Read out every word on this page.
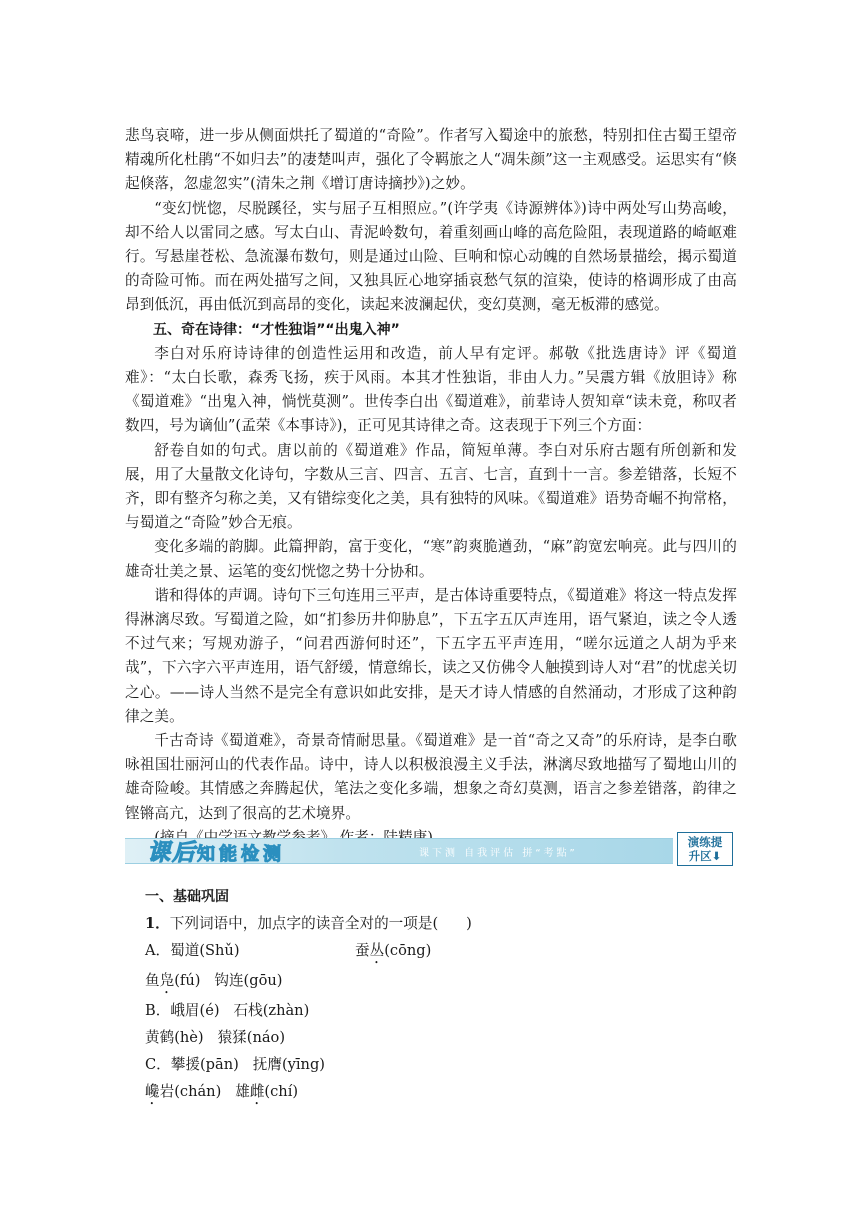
悲鸟哀啼，进一步从侧面烘托了蜀道的“奇险”。作者写入蜀途中的旅愁，特别扣住古蜀王望帝精魂所化杜鹃“不如归去”的凄楚叫声，强化了令羁旅之人“凋朱颜”这一主观感受。运思实有“倏起倏落，忽虚忽实”(清朱之荆《增订唐诗摘抄》)之妙。

“变幻恍惚，尽脱蹊径，实与屈子互相照应。”(许学夷《诗源辨体》)诗中两处写山势高峻，却不给人以雷同之感。写太白山、青泥岭数句，着重刻画山峰的高危险阻，表现道路的崎岖难行。写悬崖苍松、急流瀑布数句，则是通过山险、巨响和惊心动魄的自然场景描绘，揭示蜀道的奇险可怖。而在两处描写之间，又独具匠心地穿插哀愁气氛的渲染，使诗的格调形成了由高昂到低沉，再由低沉到高昂的变化，读起来波澜起伏，变幻莫测，毫无板滞的感觉。

五、奇在诗律：“才性独诣”“出鬼入神”

李白对乐府诗诗律的创造性运用和改造，前人早有定评。郝敬《批选唐诗》评《蜀道难》：“太白长歌，森秀飞扬，疾于风雨。本其才性独诣，非由人力。”吴震方辑《放胆诗》称《蜀道难》“出鬼入神，惝恍莫测”。世传李白出《蜀道难》，前辈诗人贺知章“读未竟，称叹者数四，号为谪仙”(孟荣《本事诗》)，正可见其诗律之奇。这表现于下列三个方面：

舒卷自如的句式。唐以前的《蜀道难》作品，简短单薄。李白对乐府古题有所创新和发展，用了大量散文化诗句，字数从三言、四言、五言、七言，直到十一言。参差错落，长短不齐，即有整齐匀称之美，又有错综变化之美，具有独特的风味。《蜀道难》语势奇崛不拘常格，与蜀道之“奇险”妙合无痕。

变化多端的韵脚。此篇押韵，富于变化，“寒”韵爽脆遒劲，“麻”韵宽宏响亮。此与四川的雄奇壮美之景、运笔的变幻恍惚之势十分协和。

谐和得体的声调。诗句下三句连用三平声，是古体诗重要特点，《蜀道难》将这一特点发挥得淋漓尽致。写蜀道之险，如“扪参历井仰胁息”，下五字五仄声连用，语气紧迫，读之令人透不过气来；写规劝游子，“问君西游何时还”，下五字五平声连用，“嗟尔远道之人胡为乎来哉”，下六字六平声连用，语气舒缓，情意绵长，读之又仿佛令人触摸到诗人对“君”的忧虑关切之心。——诗人当然不是完全有意识如此安排，是天才诗人情感的自然涌动，才形成了这种韵律之美。

千古奇诗《蜀道难》，奇景奇情耐思量。《蜀道难》是一首“奇之又奇”的乐府诗，是李白歌咏祖国壮丽河山的代表作品。诗中，诗人以积极浪漫主义手法，淋漓尽致地描写了蜀地山川的雄奇险峻。其情感之奔腾起伏，笔法之变化多端，想象之奇幻莫测，语言之参差错落，韵律之铿锵高亢，达到了很高的艺术境界。

课后知能检测	课下测 自我评估 拼“考點”
演练提
升区⬇

一、基础巩固

1．下列词语中，加点字的读音全对的一项是( )

A．蜀道(Shǔ)	蚕丛(cōng)

鱼凫(fú) 钩连(gōu)

B．峨眉(é) 石栈(zhàn)

黄鹤(hè) 猿猱(náo)

C．攀援(pān) 抚膺(yīng)

巉岩(chán) 雄雌(chí)
